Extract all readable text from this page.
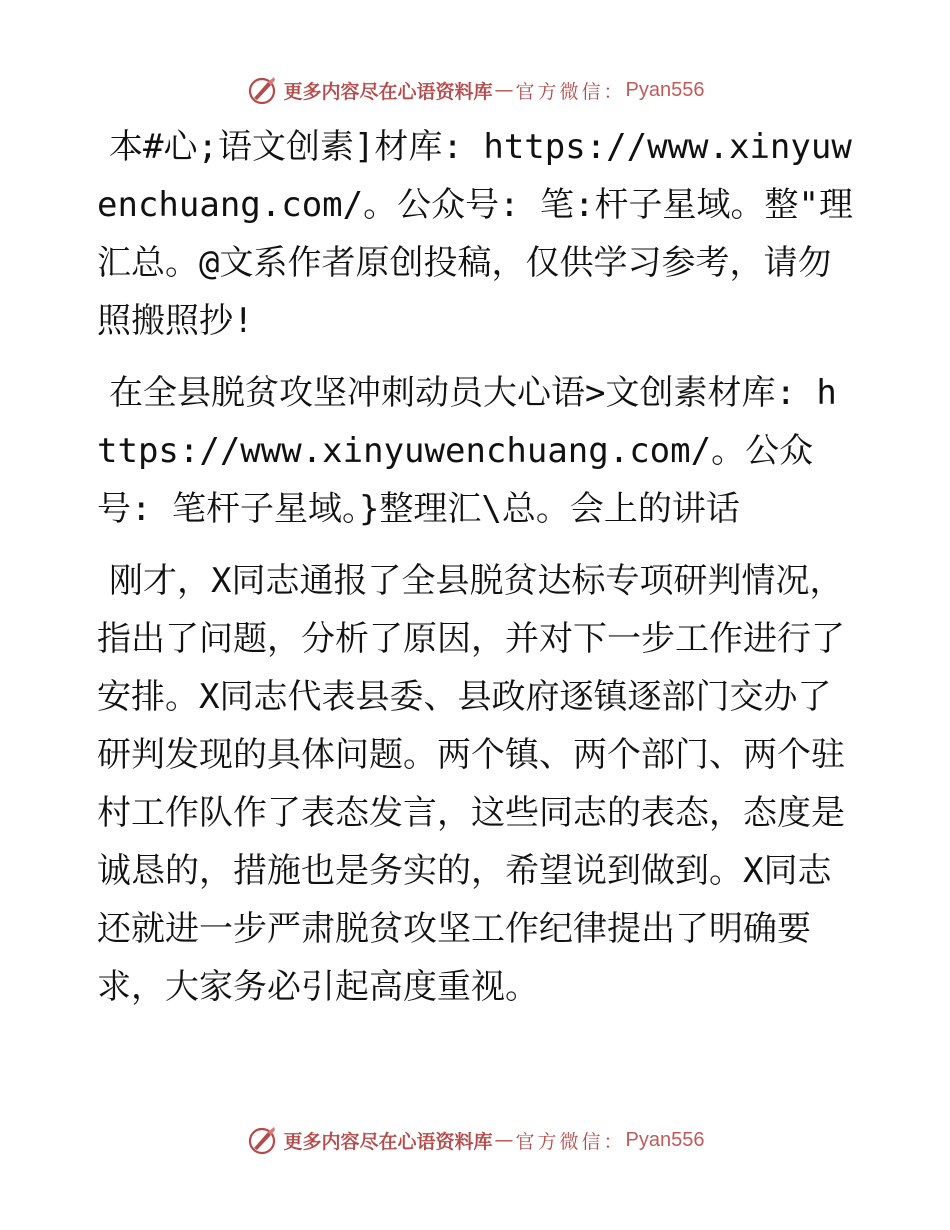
更多内容尽在心语资料库 — 官方微信： Pyan556

本#心;语文创素]材库: https://www.xinyuwenchuang.com/。公众号: 笔:杆子星域。整"理汇总。@文系作者原创投稿，仅供学习参考，请勿照搬照抄!

在全县脱贫攻坚冲刺动员大心语>文创素材库: https://www.xinyuwenchuang.com/。公众号: 笔杆子星域。}整理汇\总。会上的讲话

刚才，X同志通报了全县脱贫达标专项研判情况，指出了问题，分析了原因，并对下一步工作进行了安排。X同志代表县委、县政府逐镇逐部门交办了研判发现的具体问题。两个镇、两个部门、两个驻村工作队作了表态发言，这些同志的表态，态度是诚恳的，措施也是务实的，希望说到做到。X同志还就进一步严肃脱贫攻坚工作纪律提出了明确要求，大家务必引起高度重视。

更多内容尽在心语资料库 — 官方微信： Pyan556
